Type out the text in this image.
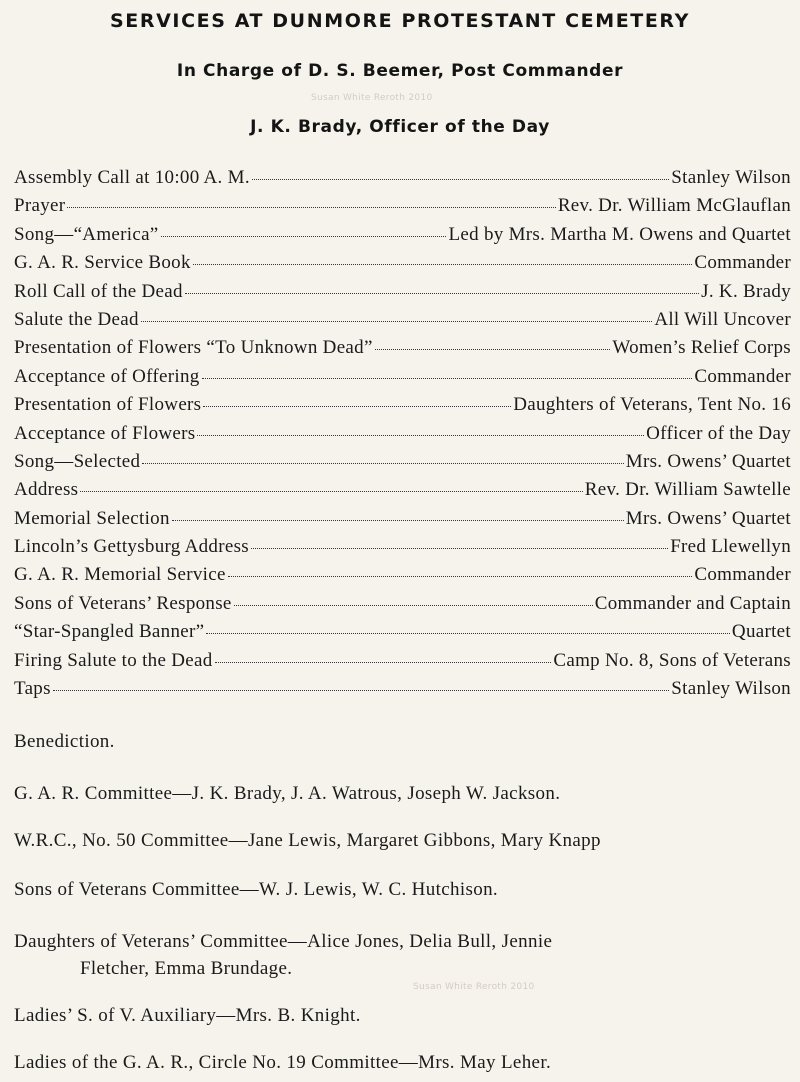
SERVICES AT DUNMORE PROTESTANT CEMETERY
Susan White Reroth 2010
In Charge of D. S. Beemer, Post Commander
J. K. Brady, Officer of the Day
Assembly Call at 10:00 A. M.	Stanley Wilson
Prayer	Rev. Dr. William McGlauflan
Song—“America”	Led by Mrs. Martha M. Owens and Quartet
G. A. R. Service Book	Commander
Roll Call of the Dead	J. K. Brady
Salute the Dead	All Will Uncover
Presentation of Flowers “To Unknown Dead”	Women’s Relief Corps
Acceptance of Offering	Commander
Presentation of Flowers	Daughters of Veterans, Tent No. 16
Acceptance of Flowers	Officer of the Day
Song—Selected	Mrs. Owens’ Quartet
Address	Rev. Dr. William Sawtelle
Memorial Selection	Mrs. Owens’ Quartet
Lincoln’s Gettysburg Address	Fred Llewellyn
G. A. R. Memorial Service	Commander
Sons of Veterans’ Response	Commander and Captain
“Star-Spangled Banner”	Quartet
Firing Salute to the Dead	Camp No. 8, Sons of Veterans
Taps	Stanley Wilson
Benediction.
G. A. R. Committee—J. K. Brady, J. A. Watrous, Joseph W. Jackson.
W.R.C., No. 50 Committee—Jane Lewis, Margaret Gibbons, Mary Knapp
Sons of Veterans Committee—W. J. Lewis, W. C. Hutchison.
Daughters of Veterans’ Committee—Alice Jones, Delia Bull, Jennie
Fletcher, Emma Brundage.
Susan White Reroth 2010
Ladies’ S. of V. Auxiliary—Mrs. B. Knight.
Ladies of the G. A. R., Circle No. 19 Committee—Mrs. May Leher.
